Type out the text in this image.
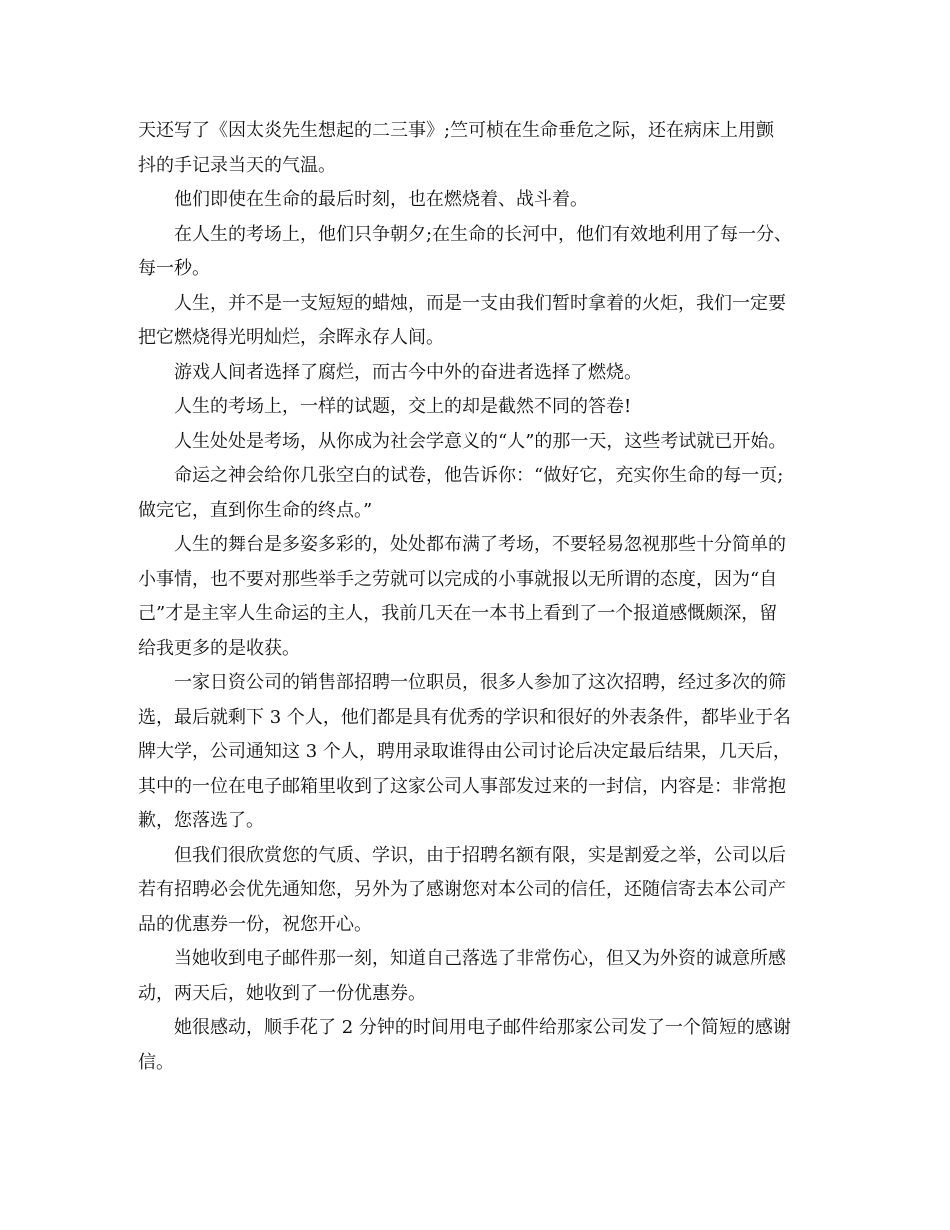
天还写了《因太炎先生想起的二三事》;竺可桢在生命垂危之际，还在病床上用颤
抖的手记录当天的气温。
他们即使在生命的最后时刻，也在燃烧着、战斗着。
在人生的考场上，他们只争朝夕;在生命的长河中，他们有效地利用了每一分、
每一秒。
人生，并不是一支短短的蜡烛，而是一支由我们暂时拿着的火炬，我们一定要
把它燃烧得光明灿烂，余晖永存人间。
游戏人间者选择了腐烂，而古今中外的奋进者选择了燃烧。
人生的考场上，一样的试题，交上的却是截然不同的答卷!
人生处处是考场，从你成为社会学意义的“人”的那一天，这些考试就已开始。
命运之神会给你几张空白的试卷，他告诉你：“做好它，充实你生命的每一页;
做完它，直到你生命的终点。”
人生的舞台是多姿多彩的，处处都布满了考场，不要轻易忽视那些十分简单的
小事情，也不要对那些举手之劳就可以完成的小事就报以无所谓的态度，因为“自
己”才是主宰人生命运的主人，我前几天在一本书上看到了一个报道感慨颇深，留
给我更多的是收获。
一家日资公司的销售部招聘一位职员，很多人参加了这次招聘，经过多次的筛
选，最后就剩下 3 个人，他们都是具有优秀的学识和很好的外表条件，都毕业于名
牌大学，公司通知这 3 个人，聘用录取谁得由公司讨论后决定最后结果，几天后，
其中的一位在电子邮箱里收到了这家公司人事部发过来的一封信，内容是：非常抱
歉，您落选了。
但我们很欣赏您的气质、学识，由于招聘名额有限，实是割爱之举，公司以后
若有招聘必会优先通知您，另外为了感谢您对本公司的信任，还随信寄去本公司产
品的优惠券一份，祝您开心。
当她收到电子邮件那一刻，知道自己落选了非常伤心，但又为外资的诚意所感
动，两天后，她收到了一份优惠券。
她很感动，顺手花了 2 分钟的时间用电子邮件给那家公司发了一个简短的感谢
信。
